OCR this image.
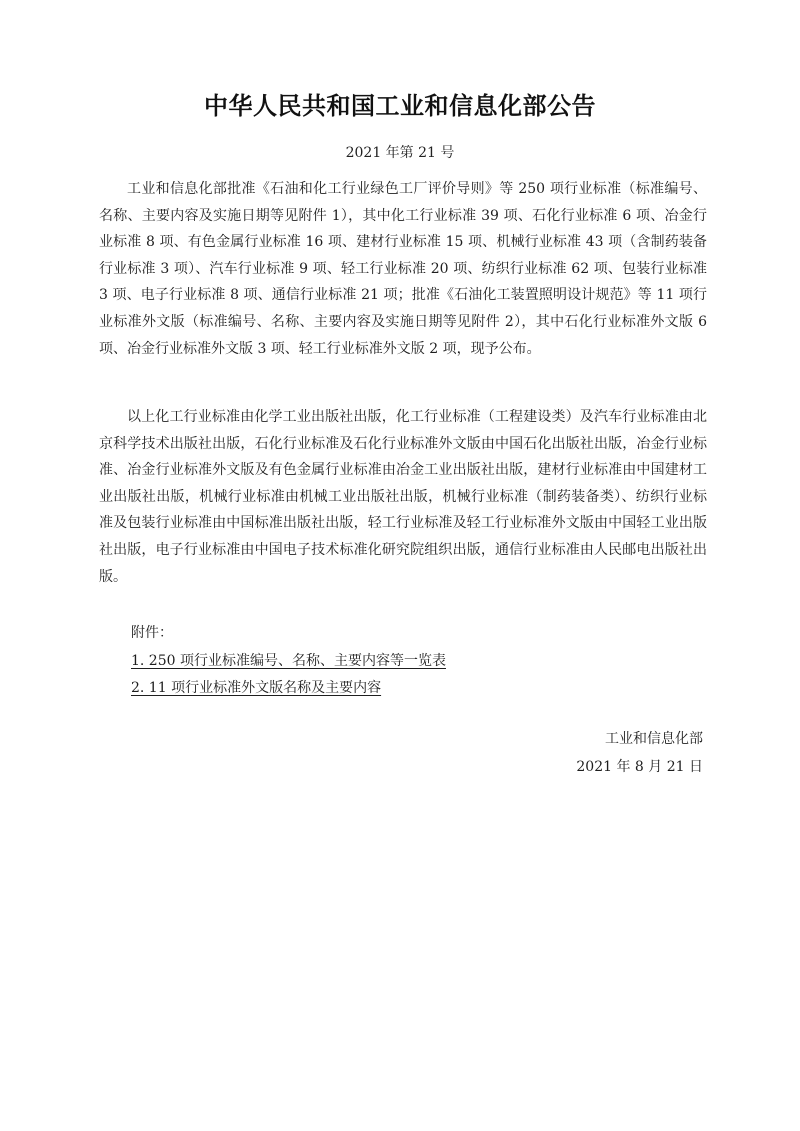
中华人民共和国工业和信息化部公告
2021 年第 21 号

工业和信息化部批准《石油和化工行业绿色工厂评价导则》等 250 项行业标准（标准编号、名称、主要内容及实施日期等见附件 1），其中化工行业标准 39 项、石化行业标准 6 项、冶金行业标准 8 项、有色金属行业标准 16 项、建材行业标准 15 项、机械行业标准 43 项（含制药装备行业标准 3 项）、汽车行业标准 9 项、轻工行业标准 20 项、纺织行业标准 62 项、包装行业标准 3 项、电子行业标准 8 项、通信行业标准 21 项；批准《石油化工装置照明设计规范》等 11 项行业标准外文版（标准编号、名称、主要内容及实施日期等见附件 2），其中石化行业标准外文版 6 项、冶金行业标准外文版 3 项、轻工行业标准外文版 2 项，现予公布。

以上化工行业标准由化学工业出版社出版，化工行业标准（工程建设类）及汽车行业标准由北京科学技术出版社出版，石化行业标准及石化行业标准外文版由中国石化出版社出版，冶金行业标准、冶金行业标准外文版及有色金属行业标准由冶金工业出版社出版，建材行业标准由中国建材工业出版社出版，机械行业标准由机械工业出版社出版，机械行业标准（制药装备类）、纺织行业标准及包装行业标准由中国标准出版社出版，轻工行业标准及轻工行业标准外文版由中国轻工业出版社出版，电子行业标准由中国电子技术标准化研究院组织出版，通信行业标准由人民邮电出版社出版。

附件：
1. 250 项行业标准编号、名称、主要内容等一览表
2. 11 项行业标准外文版名称及主要内容
工业和信息化部
2021 年 8 月 21 日
